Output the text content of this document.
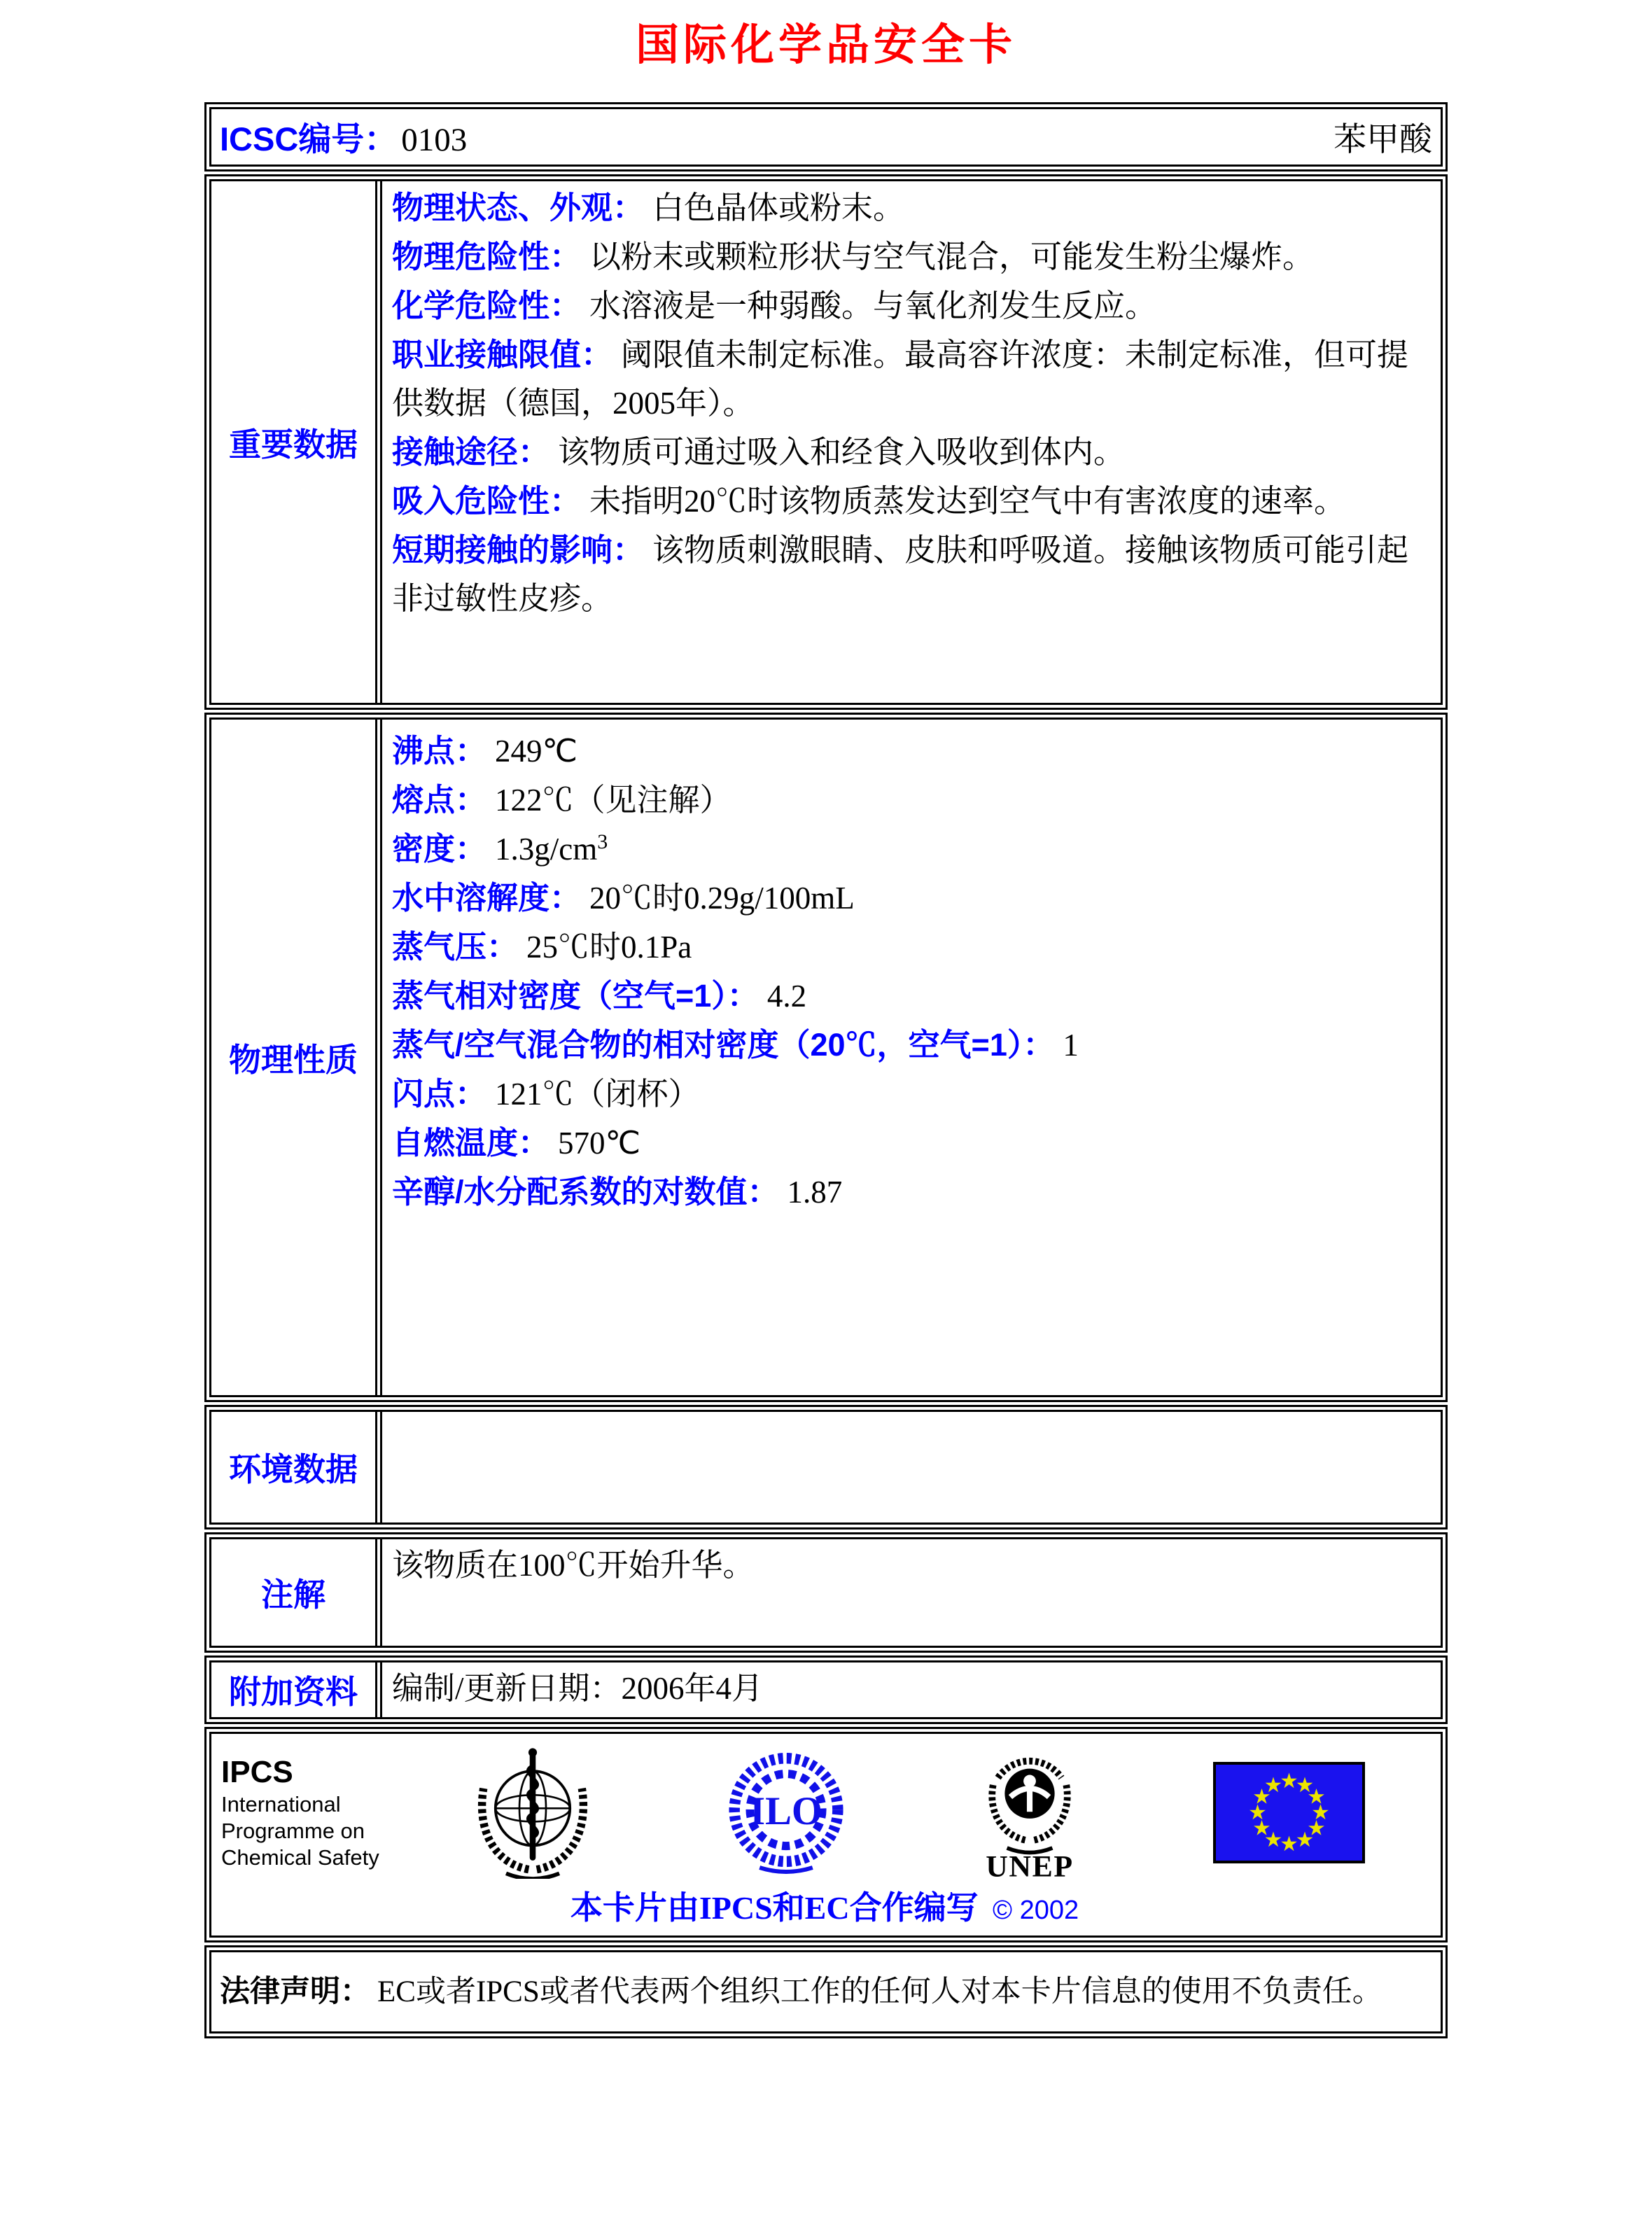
国际化学品安全卡
ICSC编号： 0103	苯甲酸
重要数据
物理状态、外观： 白色晶体或粉末。
物理危险性： 以粉末或颗粒形状与空气混合，可能发生粉尘爆炸。
化学危险性： 水溶液是一种弱酸。与氧化剂发生反应。
职业接触限值： 阈限值未制定标准。最高容许浓度：未制定标准，但可提供数据（德国，2005年）。
接触途径： 该物质可通过吸入和经食入吸收到体内。
吸入危险性： 未指明20℃时该物质蒸发达到空气中有害浓度的速率。
短期接触的影响： 该物质刺激眼睛、皮肤和呼吸道。接触该物质可能引起非过敏性皮疹。
物理性质
沸点： 249℃
熔点： 122℃（见注解）
密度： $1.3g/cm^3$
水中溶解度： 20℃时0.29g/100mL
蒸气压： 25℃时0.1Pa
蒸气相对密度（空气=1）： 4.2
蒸气/空气混合物的相对密度（20℃，空气=1）： 1
闪点： 121℃（闭杯）
自燃温度： 570℃
辛醇/水分配系数的对数值： 1.87
环境数据
注解
该物质在100℃开始升华。
附加资料	编制/更新日期：2006年4月
IPCS
International
Programme on
Chemical Safety
ILO
UNEP
本卡片由IPCS和EC合作编写 © 2002
法律声明： EC或者IPCS或者代表两个组织工作的任何人对本卡片信息的使用不负责任。
